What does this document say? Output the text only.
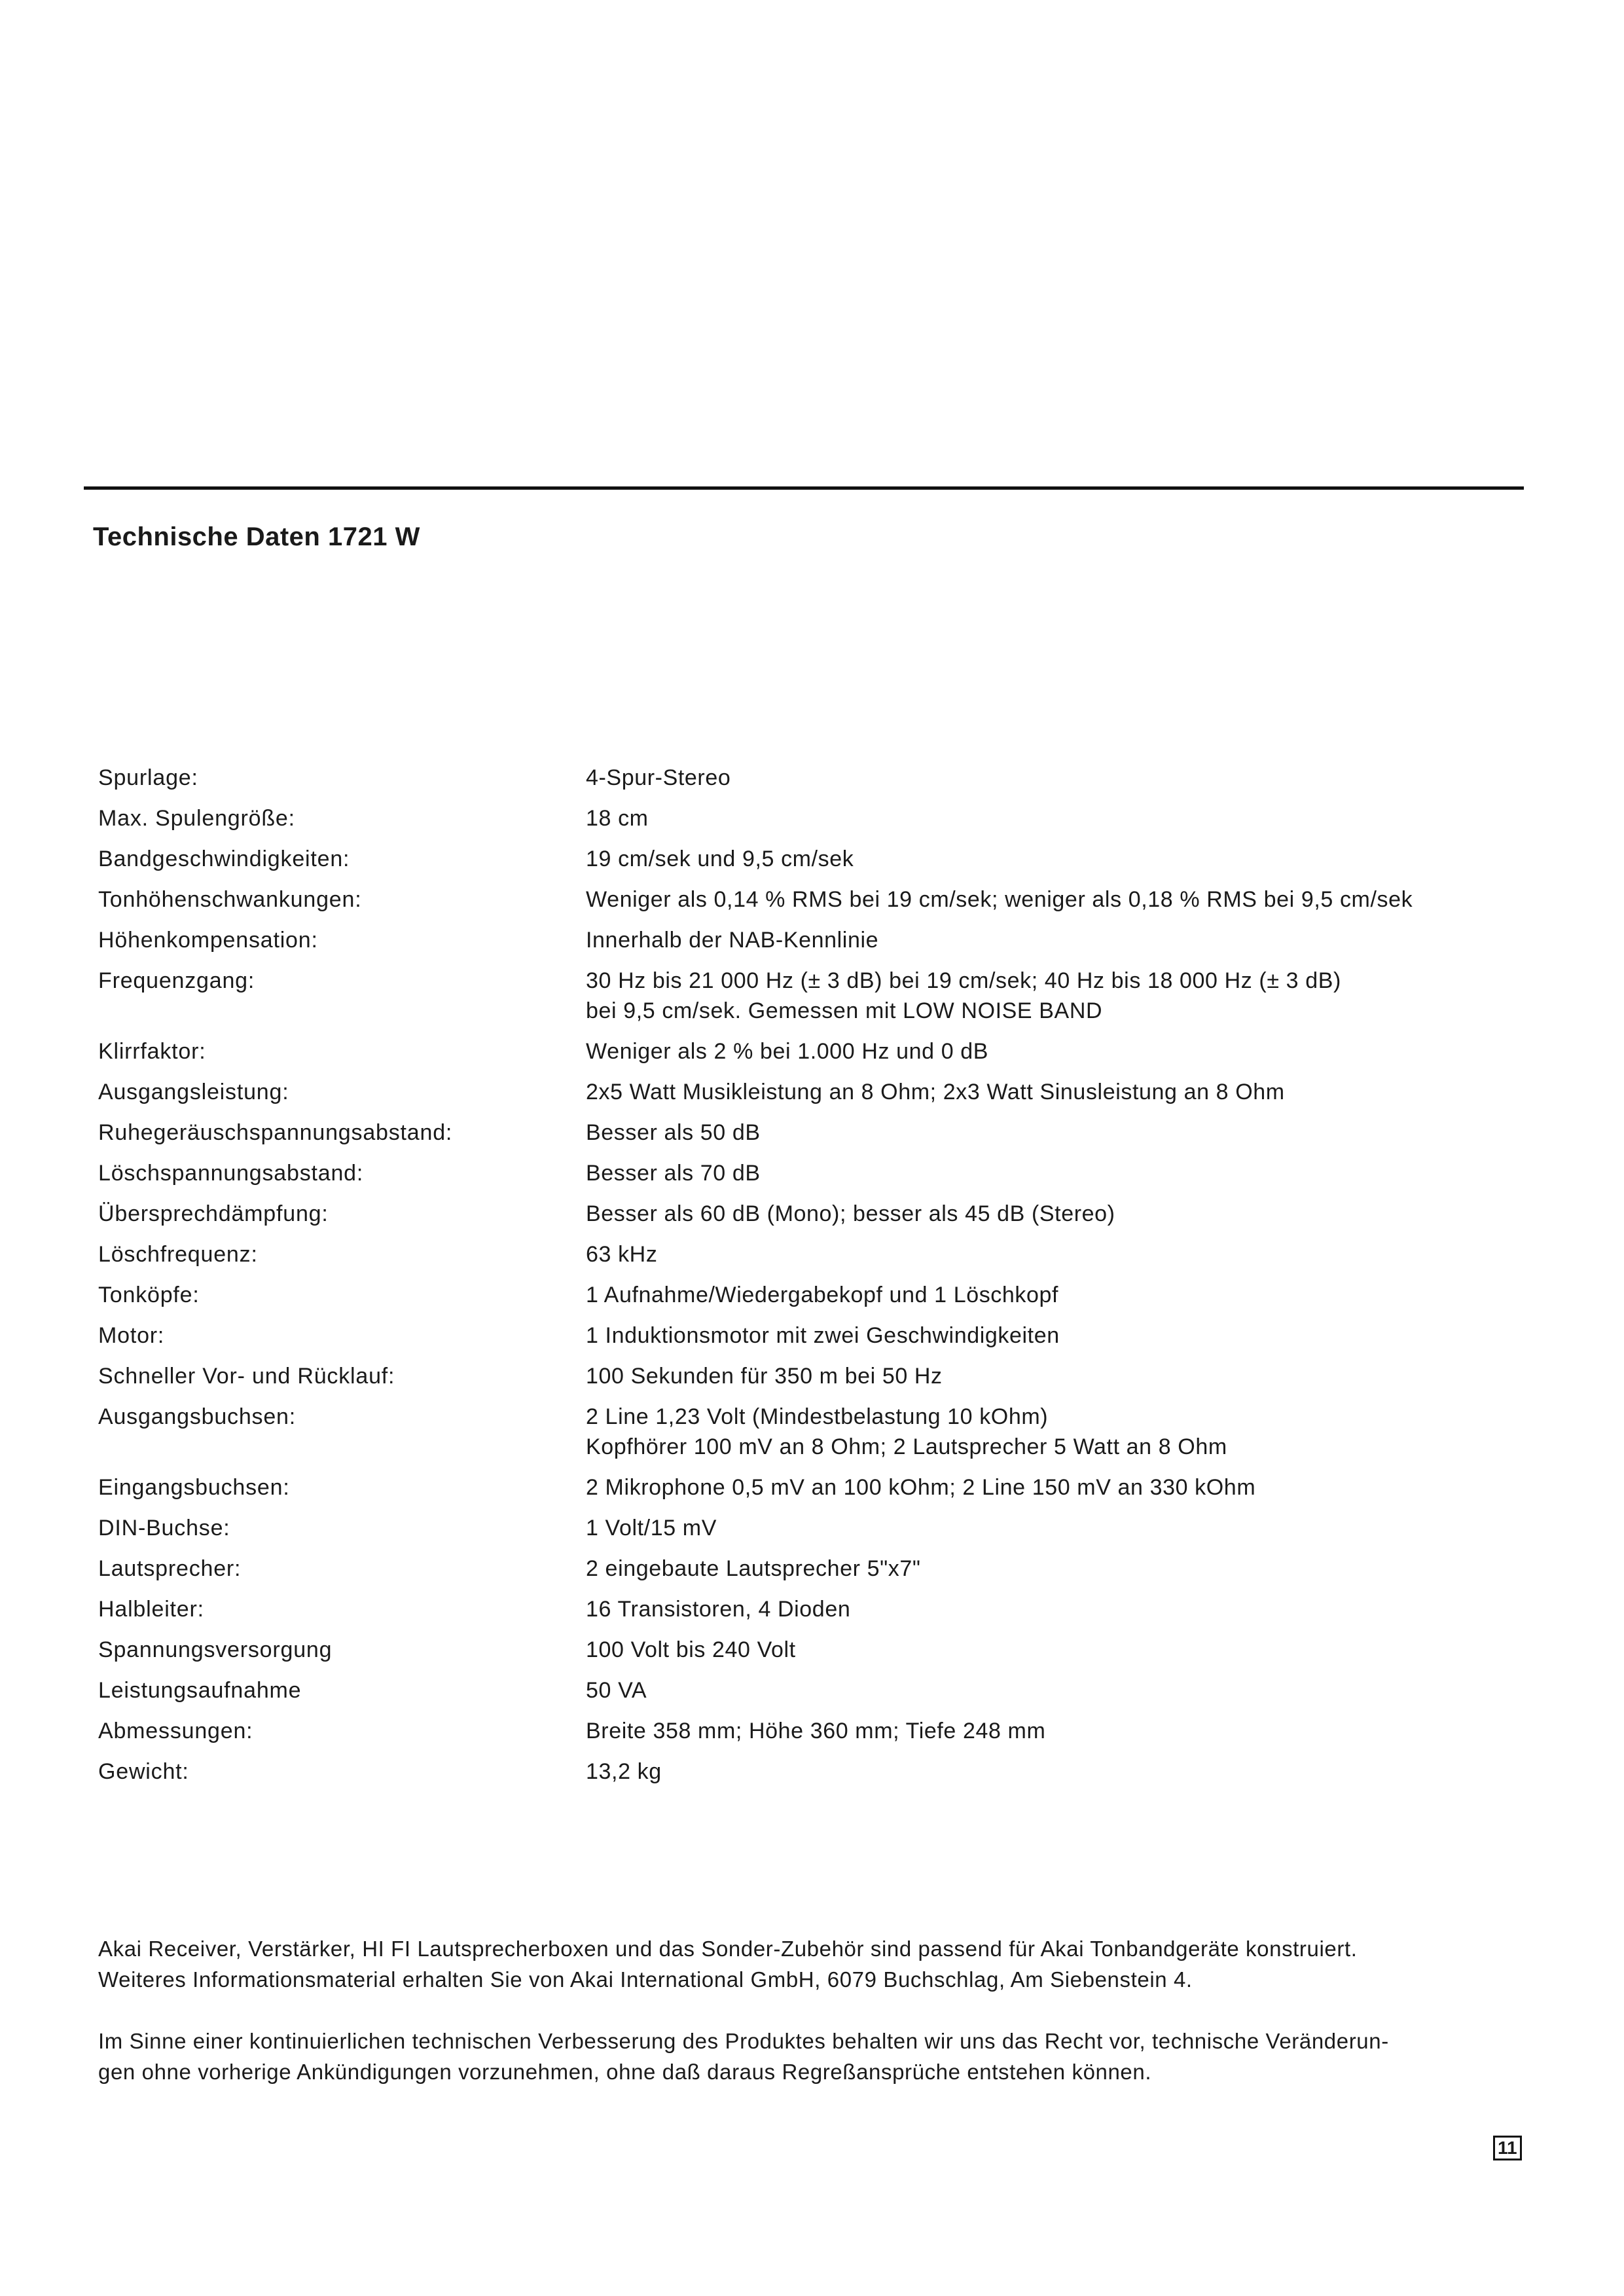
Technische Daten 1721 W
Spurlage:	4-Spur-Stereo
Max. Spulengröße:	18 cm
Bandgeschwindigkeiten:	19 cm/sek und 9,5 cm/sek
Tonhöhenschwankungen:	Weniger als 0,14 % RMS bei 19 cm/sek; weniger als 0,18 % RMS bei 9,5 cm/sek
Höhenkompensation:	Innerhalb der NAB-Kennlinie
Frequenzgang:	30 Hz bis 21 000 Hz (± 3 dB) bei 19 cm/sek; 40 Hz bis 18 000 Hz (± 3 dB)
bei 9,5 cm/sek. Gemessen mit LOW NOISE BAND
Klirrfaktor:	Weniger als 2 % bei 1.000 Hz und 0 dB
Ausgangsleistung:	2x5 Watt Musikleistung an 8 Ohm; 2x3 Watt Sinusleistung an 8 Ohm
Ruhegeräuschspannungsabstand:	Besser als 50 dB
Löschspannungsabstand:	Besser als 70 dB
Übersprechdämpfung:	Besser als 60 dB (Mono); besser als 45 dB (Stereo)
Löschfrequenz:	63 kHz
Tonköpfe:	1 Aufnahme/Wiedergabekopf und 1 Löschkopf
Motor:	1 Induktionsmotor mit zwei Geschwindigkeiten
Schneller Vor- und Rücklauf:	100 Sekunden für 350 m bei 50 Hz
Ausgangsbuchsen:	2 Line 1,23 Volt (Mindestbelastung 10 kOhm)
Kopfhörer 100 mV an 8 Ohm; 2 Lautsprecher 5 Watt an 8 Ohm
Eingangsbuchsen:	2 Mikrophone 0,5 mV an 100 kOhm; 2 Line 150 mV an 330 kOhm
DIN-Buchse:	1 Volt/15 mV
Lautsprecher:	2 eingebaute Lautsprecher 5"x7"
Halbleiter:	16 Transistoren, 4 Dioden
Spannungsversorgung	100 Volt bis 240 Volt
Leistungsaufnahme	50 VA
Abmessungen:	Breite 358 mm; Höhe 360 mm; Tiefe 248 mm
Gewicht:	13,2 kg

Akai Receiver, Verstärker, HI FI Lautsprecherboxen und das Sonder-Zubehör sind passend für Akai Tonbandgeräte konstruiert.
Weiteres Informationsmaterial erhalten Sie von Akai International GmbH, 6079 Buchschlag, Am Siebenstein 4.

Im Sinne einer kontinuierlichen technischen Verbesserung des Produktes behalten wir uns das Recht vor, technische Veränderun-
gen ohne vorherige Ankündigungen vorzunehmen, ohne daß daraus Regreßansprüche entstehen können.

11
